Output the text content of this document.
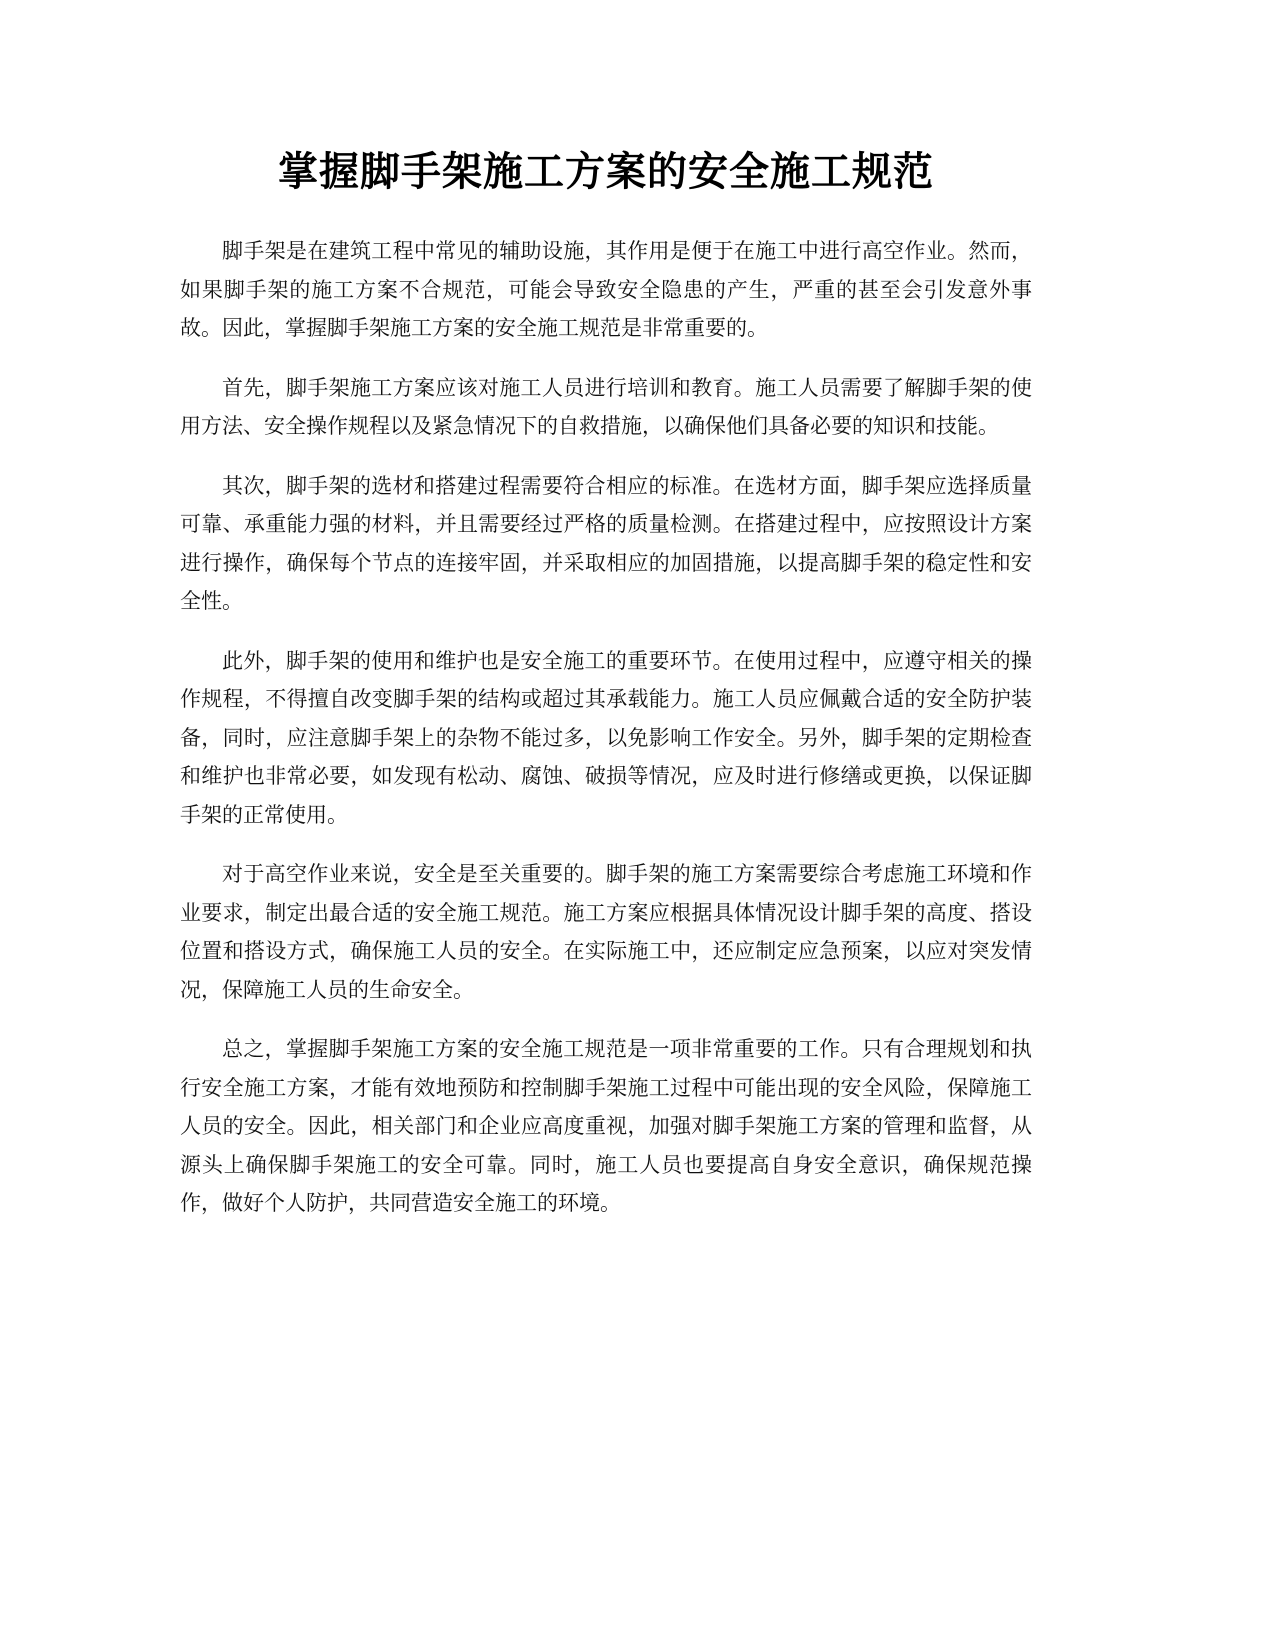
掌握脚手架施工方案的安全施工规范

脚手架是在建筑工程中常见的辅助设施，其作用是便于在施工中进行高空作业。然而，如果脚手架的施工方案不合规范，可能会导致安全隐患的产生，严重的甚至会引发意外事故。因此，掌握脚手架施工方案的安全施工规范是非常重要的。

首先，脚手架施工方案应该对施工人员进行培训和教育。施工人员需要了解脚手架的使用方法、安全操作规程以及紧急情况下的自救措施，以确保他们具备必要的知识和技能。

其次，脚手架的选材和搭建过程需要符合相应的标准。在选材方面，脚手架应选择质量可靠、承重能力强的材料，并且需要经过严格的质量检测。在搭建过程中，应按照设计方案进行操作，确保每个节点的连接牢固，并采取相应的加固措施，以提高脚手架的稳定性和安全性。

此外，脚手架的使用和维护也是安全施工的重要环节。在使用过程中，应遵守相关的操作规程，不得擅自改变脚手架的结构或超过其承载能力。施工人员应佩戴合适的安全防护装备，同时，应注意脚手架上的杂物不能过多，以免影响工作安全。另外，脚手架的定期检查和维护也非常必要，如发现有松动、腐蚀、破损等情况，应及时进行修缮或更换，以保证脚手架的正常使用。

对于高空作业来说，安全是至关重要的。脚手架的施工方案需要综合考虑施工环境和作业要求，制定出最合适的安全施工规范。施工方案应根据具体情况设计脚手架的高度、搭设位置和搭设方式，确保施工人员的安全。在实际施工中，还应制定应急预案，以应对突发情况，保障施工人员的生命安全。

总之，掌握脚手架施工方案的安全施工规范是一项非常重要的工作。只有合理规划和执行安全施工方案，才能有效地预防和控制脚手架施工过程中可能出现的安全风险，保障施工人员的安全。因此，相关部门和企业应高度重视，加强对脚手架施工方案的管理和监督，从源头上确保脚手架施工的安全可靠。同时，施工人员也要提高自身安全意识，确保规范操作，做好个人防护，共同营造安全施工的环境。
